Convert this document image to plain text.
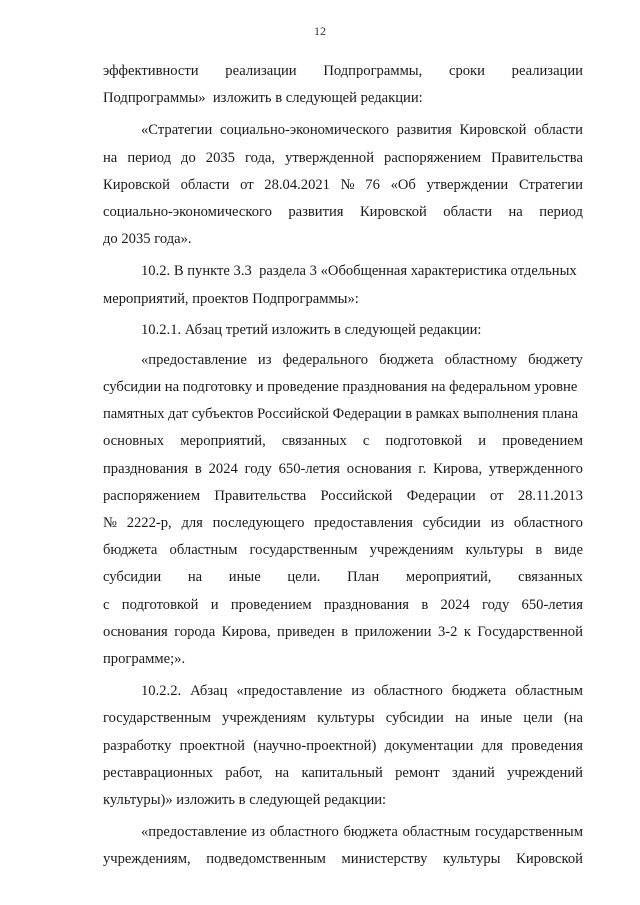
12
эффективности реализации Подпрограммы, сроки реализации
Подпрограммы»  изложить в следующей редакции:
«Стратегии социально-экономического развития Кировской области
на период до 2035 года, утвержденной распоряжением Правительства
Кировской области от 28.04.2021 № 76 «Об утверждении Стратегии
социально-экономического развития Кировской области на период
до 2035 года».
10.2. В пункте 3.3  раздела 3 «Обобщенная характеристика отдельных
мероприятий, проектов Подпрограммы»:
10.2.1. Абзац третий изложить в следующей редакции:
«предоставление из федерального бюджета областному бюджету
субсидии на подготовку и проведение празднования на федеральном уровне
памятных дат субъектов Российской Федерации в рамках выполнения плана
основных мероприятий, связанных с подготовкой и проведением
празднования в 2024 году 650-летия основания г. Кирова, утвержденного
распоряжением Правительства Российской Федерации от 28.11.2013
№ 2222-р, для последующего предоставления субсидии из областного
бюджета областным государственным учреждениям культуры в виде
субсидии на иные цели. План мероприятий, связанных
с подготовкой и проведением празднования в 2024 году 650-летия
основания города Кирова, приведен в приложении 3-2 к Государственной
программе;».
10.2.2. Абзац «предоставление из областного бюджета областным
государственным учреждениям культуры субсидии на иные цели (на
разработку проектной (научно-проектной) документации для проведения
реставрационных работ, на капитальный ремонт зданий учреждений
культуры)» изложить в следующей редакции:
«предоставление из областного бюджета областным государственным
учреждениям, подведомственным министерству культуры Кировской
